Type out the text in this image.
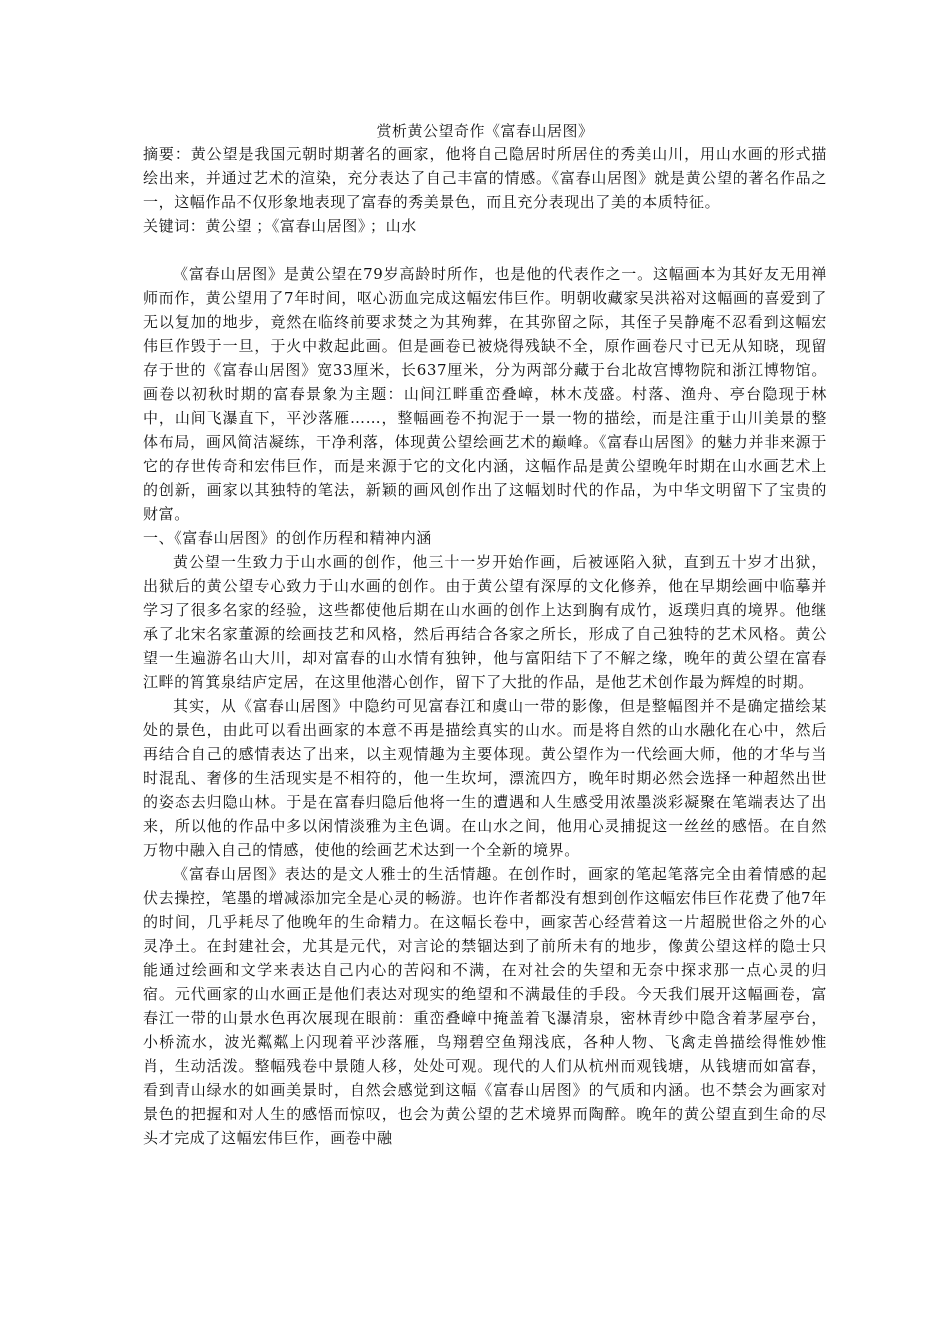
赏析黄公望奇作《富春山居图》

摘要：黄公望是我国元朝时期著名的画家，他将自己隐居时所居住的秀美山川，用山水画的形式描绘出来，并通过艺术的渲染，充分表达了自己丰富的情感。《富春山居图》就是黄公望的著名作品之一，这幅作品不仅形象地表现了富春的秀美景色，而且充分表现出了美的本质特征。

关键词：黄公望 ；《富春山居图》 ；山水

《富春山居图》是黄公望在79岁高龄时所作，也是他的代表作之一。这幅画本为其好友无用禅师而作，黄公望用了7年时间，呕心沥血完成这幅宏伟巨作。明朝收藏家吴洪裕对这幅画的喜爱到了无以复加的地步，竟然在临终前要求焚之为其殉葬，在其弥留之际，其侄子吴静庵不忍看到这幅宏伟巨作毁于一旦，于火中救起此画。但是画卷已被烧得残缺不全，原作画卷尺寸已无从知晓，现留存于世的《富春山居图》宽33厘米，长637厘米，分为两部分藏于台北故宫博物院和浙江博物馆。画卷以初秋时期的富春景象为主题：山间江畔重峦叠嶂，林木茂盛。村落、渔舟、亭台隐现于林中，山间飞瀑直下，平沙落雁……，整幅画卷不拘泥于一景一物的描绘，而是注重于山川美景的整体布局，画风简洁凝练，干净利落，体现黄公望绘画艺术的巅峰。《富春山居图》的魅力并非来源于它的存世传奇和宏伟巨作，而是来源于它的文化内涵，这幅作品是黄公望晚年时期在山水画艺术上的创新，画家以其独特的笔法，新颖的画风创作出了这幅划时代的作品，为中华文明留下了宝贵的财富。

一、《富春山居图》的创作历程和精神内涵

黄公望一生致力于山水画的创作，他三十一岁开始作画，后被诬陷入狱，直到五十岁才出狱，出狱后的黄公望专心致力于山水画的创作。由于黄公望有深厚的文化修养，他在早期绘画中临摹并学习了很多名家的经验，这些都使他后期在山水画的创作上达到胸有成竹，返璞归真的境界。他继承了北宋名家董源的绘画技艺和风格，然后再结合各家之所长，形成了自己独特的艺术风格。黄公望一生遍游名山大川，却对富春的山水情有独钟，他与富阳结下了不解之缘，晚年的黄公望在富春江畔的筲箕泉结庐定居，在这里他潜心创作，留下了大批的作品，是他艺术创作最为辉煌的时期。

其实，从《富春山居图》中隐约可见富春江和虞山一带的影像，但是整幅图并不是确定描绘某处的景色，由此可以看出画家的本意不再是描绘真实的山水。而是将自然的山水融化在心中，然后再结合自己的感情表达了出来，以主观情趣为主要体现。黄公望作为一代绘画大师，他的才华与当时混乱、奢侈的生活现实是不相符的，他一生坎坷，漂流四方，晚年时期必然会选择一种超然出世的姿态去归隐山林。于是在富春归隐后他将一生的遭遇和人生感受用浓墨淡彩凝聚在笔端表达了出来，所以他的作品中多以闲情淡雅为主色调。在山水之间，他用心灵捕捉这一丝丝的感悟。在自然万物中融入自己的情感，使他的绘画艺术达到一个全新的境界。

《富春山居图》表达的是文人雅士的生活情趣。在创作时，画家的笔起笔落完全由着情感的起伏去操控，笔墨的增减添加完全是心灵的畅游。也许作者都没有想到创作这幅宏伟巨作花费了他7年的时间，几乎耗尽了他晚年的生命精力。在这幅长卷中，画家苦心经营着这一片超脱世俗之外的心灵净土。在封建社会，尤其是元代，对言论的禁锢达到了前所未有的地步，像黄公望这样的隐士只能通过绘画和文学来表达自己内心的苦闷和不满，在对社会的失望和无奈中探求那一点心灵的归宿。元代画家的山水画正是他们表达对现实的绝望和不满最佳的手段。今天我们展开这幅画卷，富春江一带的山景水色再次展现在眼前：重峦叠嶂中掩盖着飞瀑清泉，密林青纱中隐含着茅屋亭台，小桥流水，波光粼粼上闪现着平沙落雁，鸟翔碧空鱼翔浅底，各种人物、飞禽走兽描绘得惟妙惟肖，生动活泼。整幅残卷中景随人移，处处可观。现代的人们从杭州而观钱塘，从钱塘而如富春，看到青山绿水的如画美景时，自然会感觉到这幅《富春山居图》的气质和内涵。也不禁会为画家对景色的把握和对人生的感悟而惊叹，也会为黄公望的艺术境界而陶醉。晚年的黄公望直到生命的尽头才完成了这幅宏伟巨作，画卷中融
